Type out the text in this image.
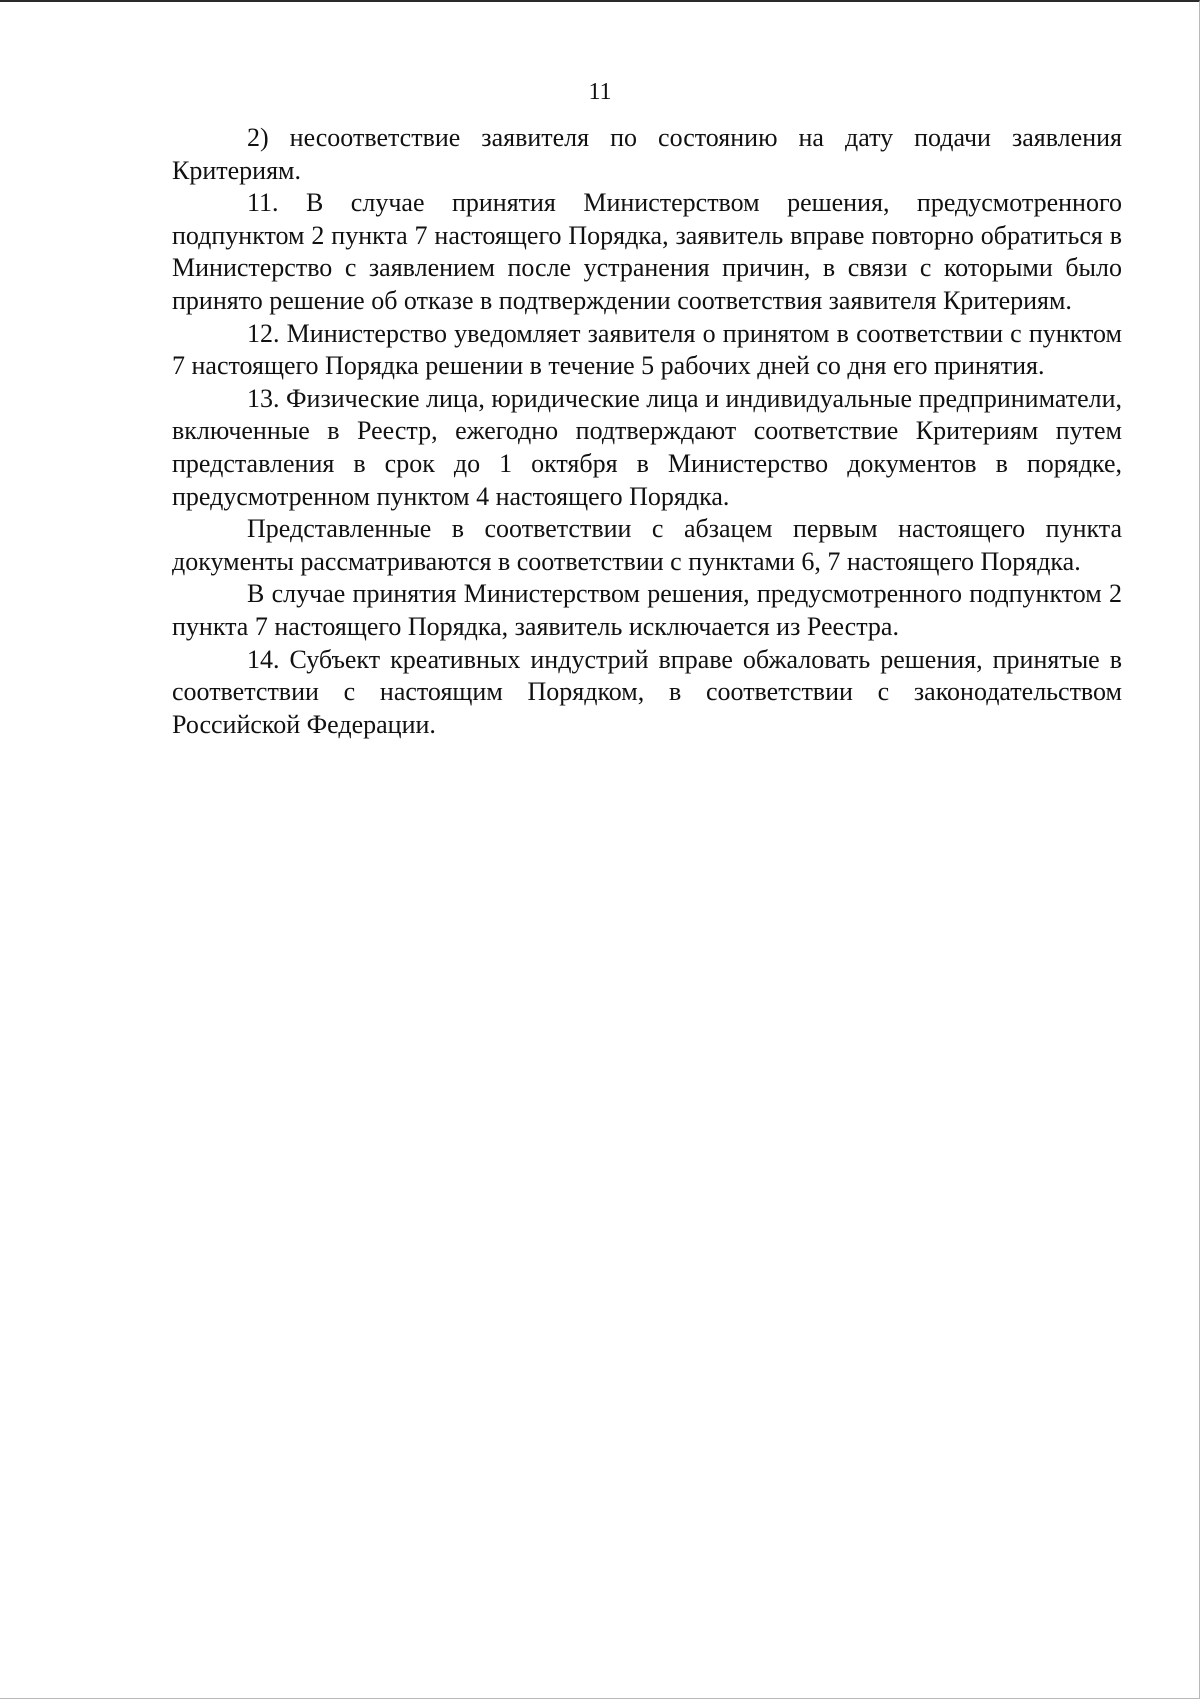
11

2) несоответствие заявителя по состоянию на дату подачи заявления Критериям.

11. В случае принятия Министерством решения, предусмотренного подпунктом 2 пункта 7 настоящего Порядка, заявитель вправе повторно обратиться в Министерство с заявлением после устранения причин, в связи с которыми было принято решение об отказе в подтверждении соответствия заявителя Критериям.

12. Министерство уведомляет заявителя о принятом в соответствии с пунктом 7 настоящего Порядка решении в течение 5 рабочих дней со дня его принятия.

13. Физические лица, юридические лица и индивидуальные предприниматели, включенные в Реестр, ежегодно подтверждают соответствие Критериям путем представления в срок до 1 октября в Министерство документов в порядке, предусмотренном пунктом 4 настоящего Порядка.

Представленные в соответствии с абзацем первым настоящего пункта документы рассматриваются в соответствии с пунктами 6, 7 настоящего Порядка.

В случае принятия Министерством решения, предусмотренного подпунктом 2 пункта 7 настоящего Порядка, заявитель исключается из Реестра.

14. Субъект креативных индустрий вправе обжаловать решения, принятые в соответствии с настоящим Порядком, в соответствии с законодательством Российской Федерации.
